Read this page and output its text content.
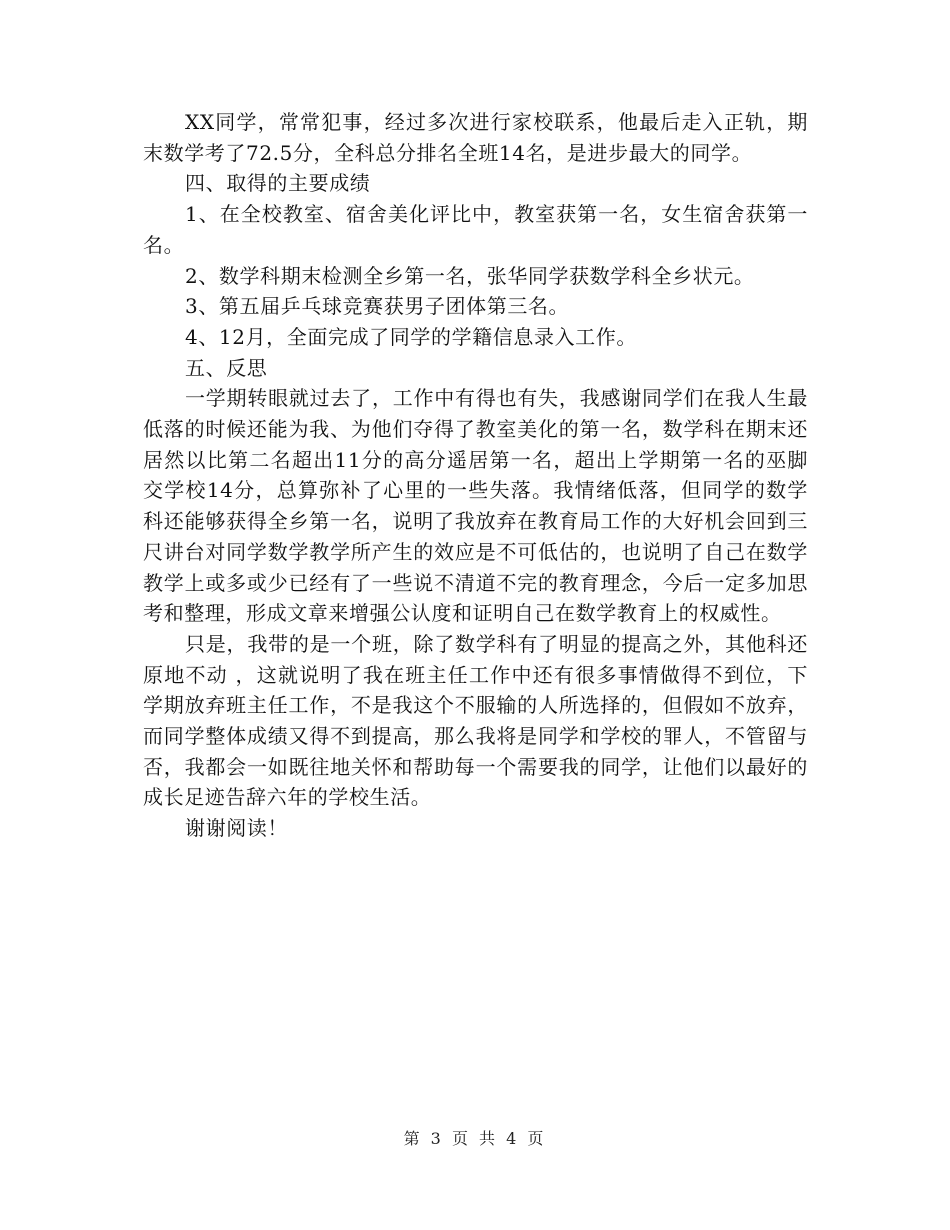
XX同学，常常犯事，经过多次进行家校联系，他最后走入正轨，期末数学考了72.5分，全科总分排名全班14名，是进步最大的同学。

四、取得的主要成绩

1、在全校教室、宿舍美化评比中，教室获第一名，女生宿舍获第一名。

2、数学科期末检测全乡第一名，张华同学获数学科全乡状元。

3、第五届乒乓球竞赛获男子团体第三名。

4、12月，全面完成了同学的学籍信息录入工作。

五、反思

一学期转眼就过去了，工作中有得也有失，我感谢同学们在我人生最低落的时候还能为我、为他们夺得了教室美化的第一名，数学科在期末还居然以比第二名超出11分的高分遥居第一名，超出上学期第一名的巫脚交学校14分，总算弥补了心里的一些失落。我情绪低落，但同学的数学科还能够获得全乡第一名，说明了我放弃在教育局工作的大好机会回到三尺讲台对同学数学教学所产生的效应是不可低估的，也说明了自己在数学教学上或多或少已经有了一些说不清道不完的教育理念，今后一定多加思考和整理，形成文章来增强公认度和证明自己在数学教育上的权威性。

只是，我带的是一个班，除了数学科有了明显的提高之外，其他科还 原地不动 ，这就说明了我在班主任工作中还有很多事情做得不到位，下学期放弃班主任工作，不是我这个不服输的人所选择的，但假如不放弃，而同学整体成绩又得不到提高，那么我将是同学和学校的罪人，不管留与否，我都会一如既往地关怀和帮助每一个需要我的同学，让他们以最好的成长足迹告辞六年的学校生活。

谢谢阅读！

第 3 页 共 4 页
